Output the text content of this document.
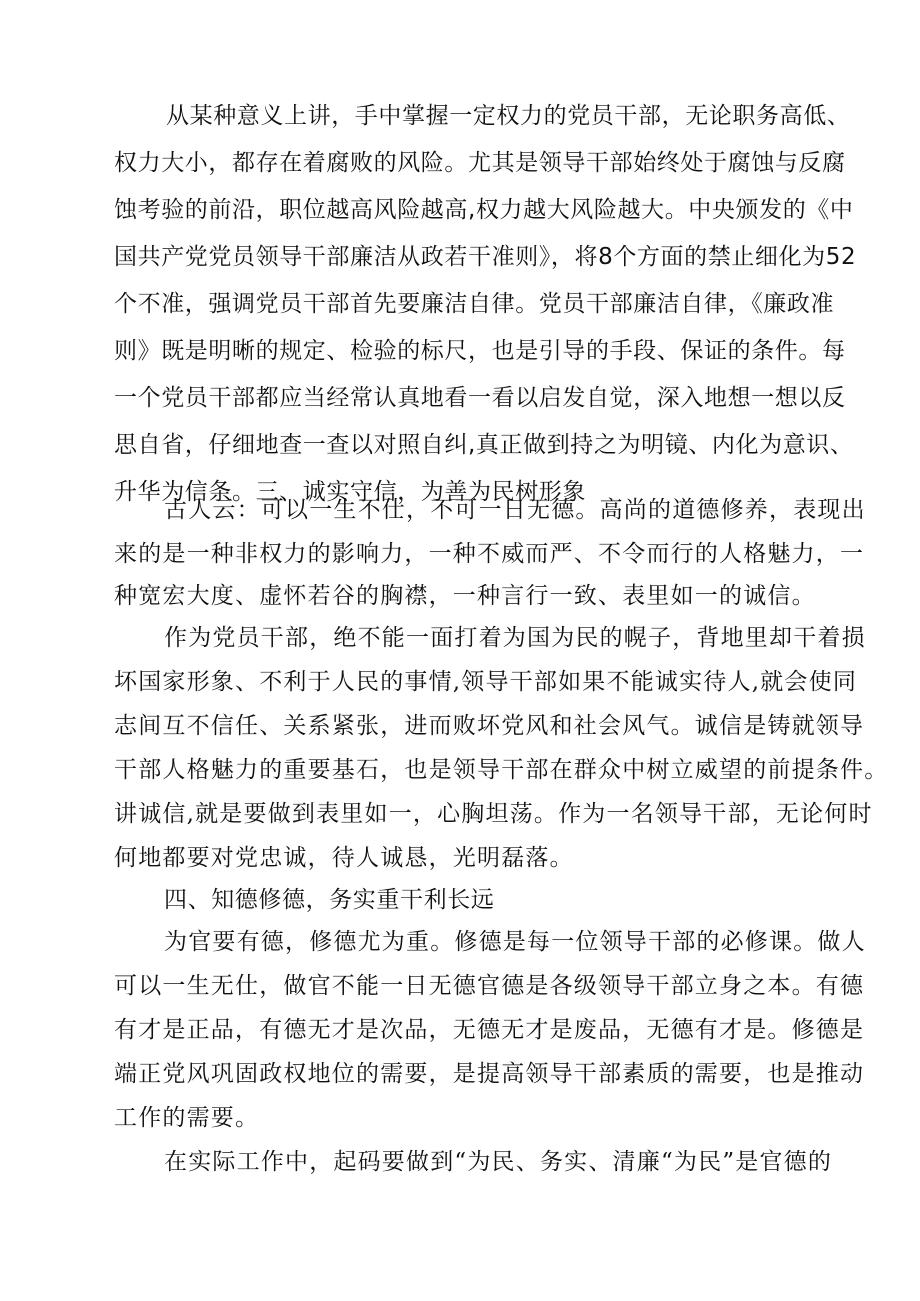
从某种意义上讲，手中掌握一定权力的党员干部，无论职务高低、

权力大小，都存在着腐败的风险。尤其是领导干部始终处于腐蚀与反腐

蚀考验的前沿，职位越高风险越高,权力越大风险越大。中央颁发的《中

国共产党党员领导干部廉洁从政若干准则》，将8个方面的禁止细化为52

个不准，强调党员干部首先要廉洁自律。党员干部廉洁自律，《廉政准

则》既是明晰的规定、检验的标尺，也是引导的手段、保证的条件。每

一个党员干部都应当经常认真地看一看以启发自觉，深入地想一想以反

思自省，仔细地查一查以对照自纠,真正做到持之为明镜、内化为意识、

升华为信条。三、诚实守信，为善为民树形象

古人云：可以一生不仕，不可一日无德。高尚的道德修养，表现出

来的是一种非权力的影响力，一种不威而严、不令而行的人格魅力，一

种宽宏大度、虚怀若谷的胸襟，一种言行一致、表里如一的诚信。

作为党员干部，绝不能一面打着为国为民的幌子，背地里却干着损

坏国家形象、不利于人民的事情,领导干部如果不能诚实待人,就会使同

志间互不信任、关系紧张，进而败坏党风和社会风气。诚信是铸就领导

干部人格魅力的重要基石，也是领导干部在群众中树立威望的前提条件。

讲诚信,就是要做到表里如一，心胸坦荡。作为一名领导干部，无论何时

何地都要对党忠诚，待人诚恳，光明磊落。

四、知德修德，务实重干利长远

为官要有德，修德尤为重。修德是每一位领导干部的必修课。做人

可以一生无仕，做官不能一日无德官德是各级领导干部立身之本。有德

有才是正品，有德无才是次品，无德无才是废品，无德有才是。修德是

端正党风巩固政权地位的需要，是提高领导干部素质的需要，也是推动

工作的需要。

在实际工作中，起码要做到“为民、务实、清廉“为民”是官德的
